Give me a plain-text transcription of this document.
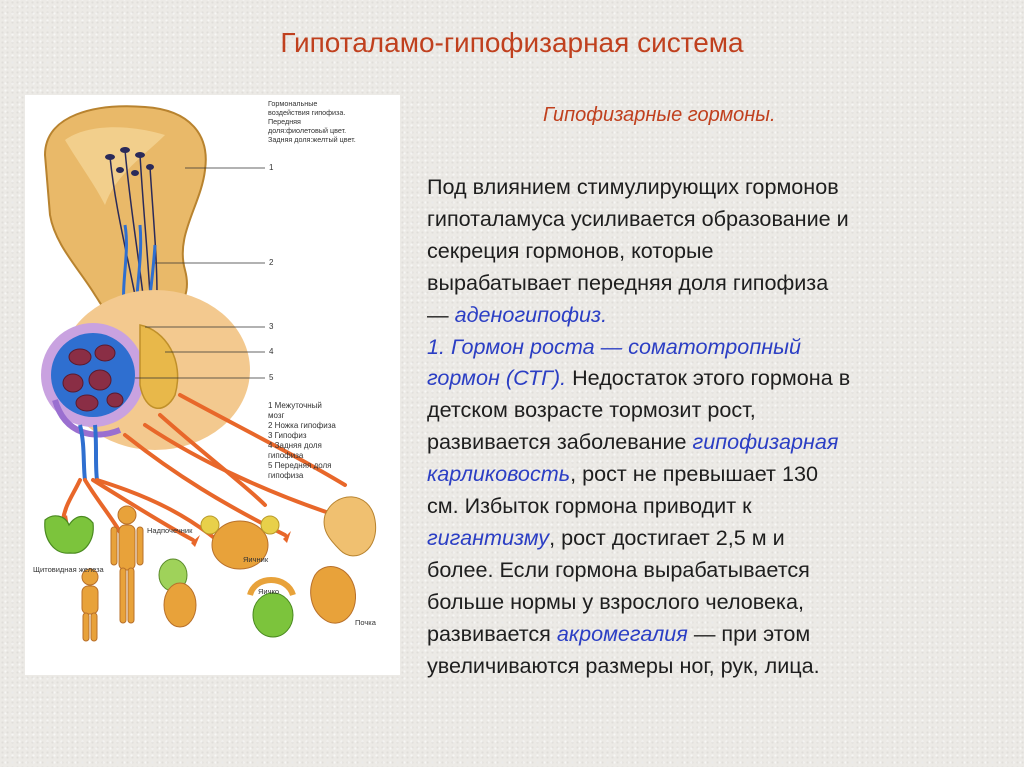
Гипоталамо-гипофизарная система
Гормональные
воздействия гипофиза.
Передняя
доля:фиолетовый цвет.
Задняя доля:желтый цвет.
1
2
3
4
5
1 Межуточный
мозг
2 Ножка гипофиза
3 Гипофиз
4 Задняя доля
гипофиза
5 Передняя доля
гипофиза
Щитовидная железа
Надпочечник
Яичник
Яичко
Почка
Гипофизарные гормоны.
Под влиянием стимулирующих гормонов
гипоталамуса усиливается образование и
секреция гормонов, которые
вырабатывает передняя доля гипофиза
— аденогипофиз.
1. Гормон роста — соматотропный
гормон (СТГ). Недостаток этого гормона в
детском возрасте тормозит рост,
развивается заболевание гипофизарная
карликовость, рост не превышает 130
см. Избыток гормона приводит к
гигантизму, рост достигает 2,5 м и
более. Если гормона вырабатывается
больше нормы у взрослого человека,
развивается акромегалия — при этом
увеличиваются размеры ног, рук, лица.
